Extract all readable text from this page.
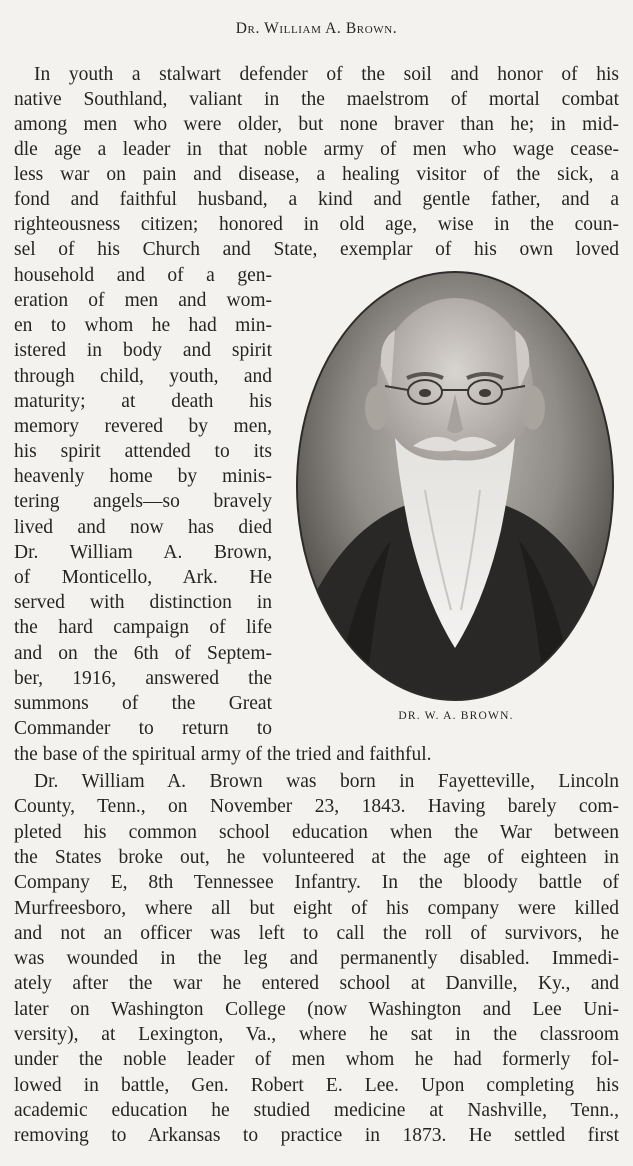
Dr. William A. Brown.
In youth a stalwart defender of the soil and honor of his
native Southland, valiant in the maelstrom of mortal combat
among men who were older, but none braver than he; in mid-
dle age a leader in that noble army of men who wage cease-
less war on pain and disease, a healing visitor of the sick, a
fond and faithful husband, a kind and gentle father, and a
righteousness citizen; honored in old age, wise in the coun-
sel of his Church and State, exemplar of his own loved
household and of a gen-
eration of men and wom-
en to whom he had min-
istered in body and spirit
through child, youth, and
maturity; at death his
memory revered by men,
his spirit attended to its
heavenly home by minis-
tering angels—so bravely
lived and now has died
Dr. William A. Brown,
of Monticello, Ark. He
served with distinction in
the hard campaign of life
and on the 6th of Septem-
ber, 1916, answered the
summons of the Great
Commander to return to
the base of the spiritual army of the tried and faithful.
DR. W. A. BROWN.
Dr. William A. Brown was born in Fayetteville, Lincoln
County, Tenn., on November 23, 1843. Having barely com-
pleted his common school education when the War between
the States broke out, he volunteered at the age of eighteen in
Company E, 8th Tennessee Infantry. In the bloody battle of
Murfreesboro, where all but eight of his company were killed
and not an officer was left to call the roll of survivors, he
was wounded in the leg and permanently disabled. Immedi-
ately after the war he entered school at Danville, Ky., and
later on Washington College (now Washington and Lee Uni-
versity), at Lexington, Va., where he sat in the classroom
under the noble leader of men whom he had formerly fol-
lowed in battle, Gen. Robert E. Lee. Upon completing his
academic education he studied medicine at Nashville, Tenn.,
removing to Arkansas to practice in 1873. He settled first
